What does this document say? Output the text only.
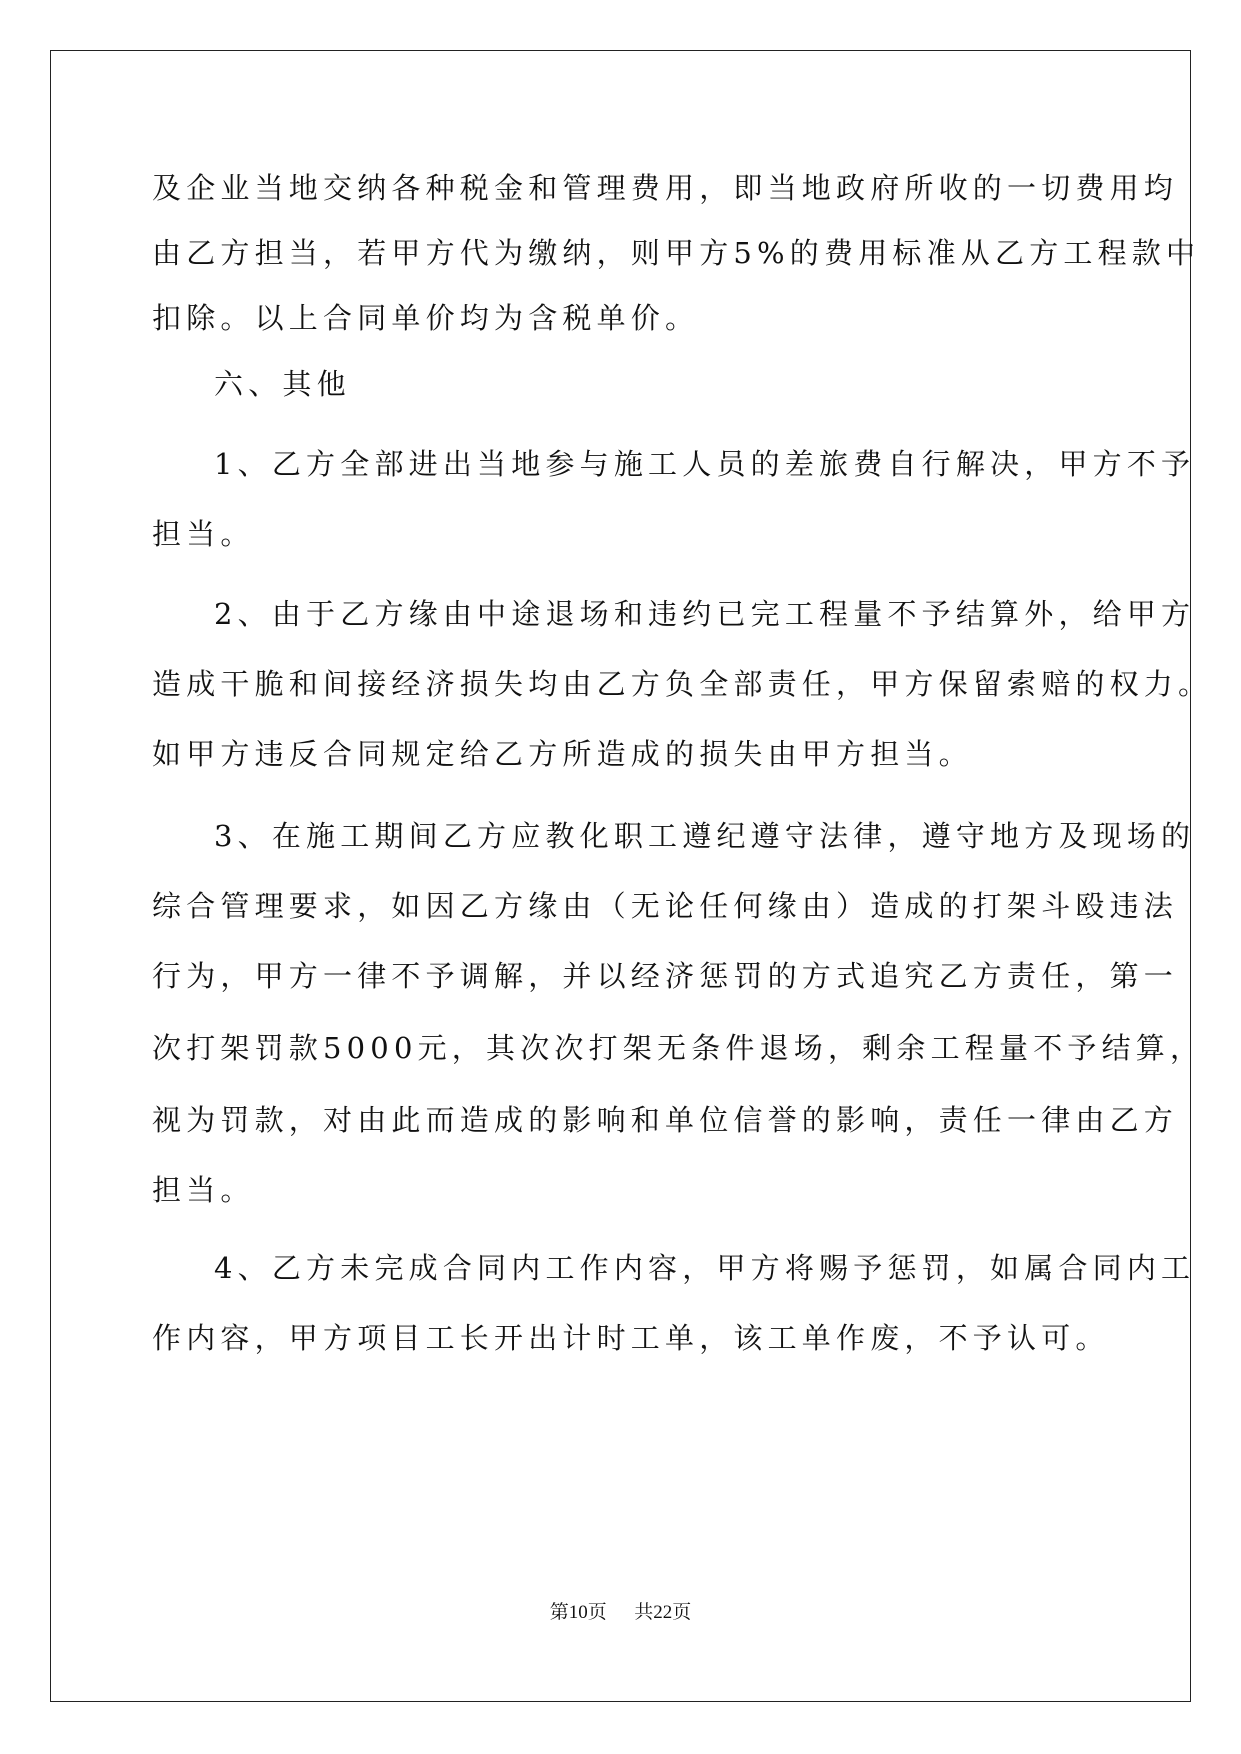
及企业当地交纳各种税金和管理费用，即当地政府所收的一切费用均
由乙方担当，若甲方代为缴纳，则甲方5%的费用标准从乙方工程款中
扣除。以上合同单价均为含税单价。
六、其他
1、乙方全部进出当地参与施工人员的差旅费自行解决，甲方不予
担当。
2、由于乙方缘由中途退场和违约已完工程量不予结算外，给甲方
造成干脆和间接经济损失均由乙方负全部责任，甲方保留索赔的权力。
如甲方违反合同规定给乙方所造成的损失由甲方担当。
3、在施工期间乙方应教化职工遵纪遵守法律，遵守地方及现场的
综合管理要求，如因乙方缘由（无论任何缘由）造成的打架斗殴违法
行为，甲方一律不予调解，并以经济惩罚的方式追究乙方责任，第一
次打架罚款5000元，其次次打架无条件退场，剩余工程量不予结算，
视为罚款，对由此而造成的影响和单位信誉的影响，责任一律由乙方
担当。
4、乙方未完成合同内工作内容，甲方将赐予惩罚，如属合同内工
作内容，甲方项目工长开出计时工单，该工单作废，不予认可。
第10页 共22页
